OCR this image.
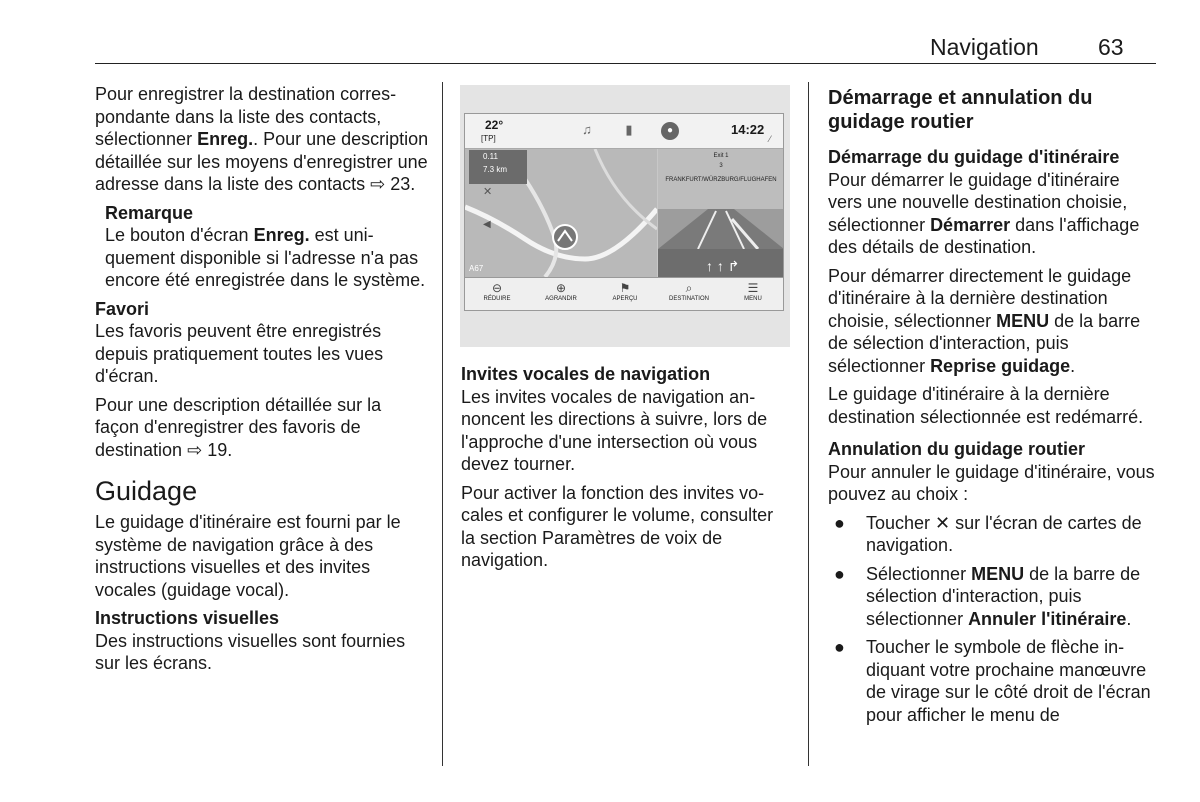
Navigation	63

Pour enregistrer la destination correspondante dans la liste des contacts, sélectionner Enreg.. Pour une description détaillée sur les moyens d'enregistrer une adresse dans la liste des contacts ⇨ 23.

Remarque
Le bouton d'écran Enreg. est uniquement disponible si l'adresse n'a pas encore été enregistrée dans le système.
Favori

Les favoris peuvent être enregistrés depuis pratiquement toutes les vues d'écran.

Pour une description détaillée sur la façon d'enregistrer des favoris de destination ⇨ 19.

Guidage

Le guidage d'itinéraire est fourni par le système de navigation grâce à des instructions visuelles et des invites vocales (guidage vocal).

Instructions visuelles

Des instructions visuelles sont fournies sur les écrans.

22°
[TP]
♫	▮	●	14:22
⁄
✕
◀
0.11
7.3 km
A67	↑ ↑ ↱
Exit 1
3
FRANKFURT/WÜRZBURG/FLUGHAFEN
⊖
RÉDUIRE
⊕
AGRANDIR
⚑
APERÇU
⌕
DESTINATION
☰
MENU
Invites vocales de navigation

Les invites vocales de navigation annoncent les directions à suivre, lors de l'approche d'une intersection où vous devez tourner.

Pour activer la fonction des invites vocales et configurer le volume, consulter la section Paramètres de voix de navigation.

Démarrage et annulation du guidage routier
Démarrage du guidage d'itinéraire

Pour démarrer le guidage d'itinéraire vers une nouvelle destination choisie, sélectionner Démarrer dans l'affichage des détails de destination.

Pour démarrer directement le guidage d'itinéraire à la dernière destination choisie, sélectionner MENU de la barre de sélection d'interaction, puis sélectionner Reprise guidage.

Le guidage d'itinéraire à la dernière destination sélectionnée est redémarré.

Annulation du guidage routier

Pour annuler le guidage d'itinéraire, vous pouvez au choix :

● Toucher ✕ sur l'écran de cartes de navigation.
● Sélectionner MENU de la barre de sélection d'interaction, puis sélectionner Annuler l'itinéraire.
● Toucher le symbole de flèche indiquant votre prochaine manœuvre de virage sur le côté droit de l'écran pour afficher le menu de
